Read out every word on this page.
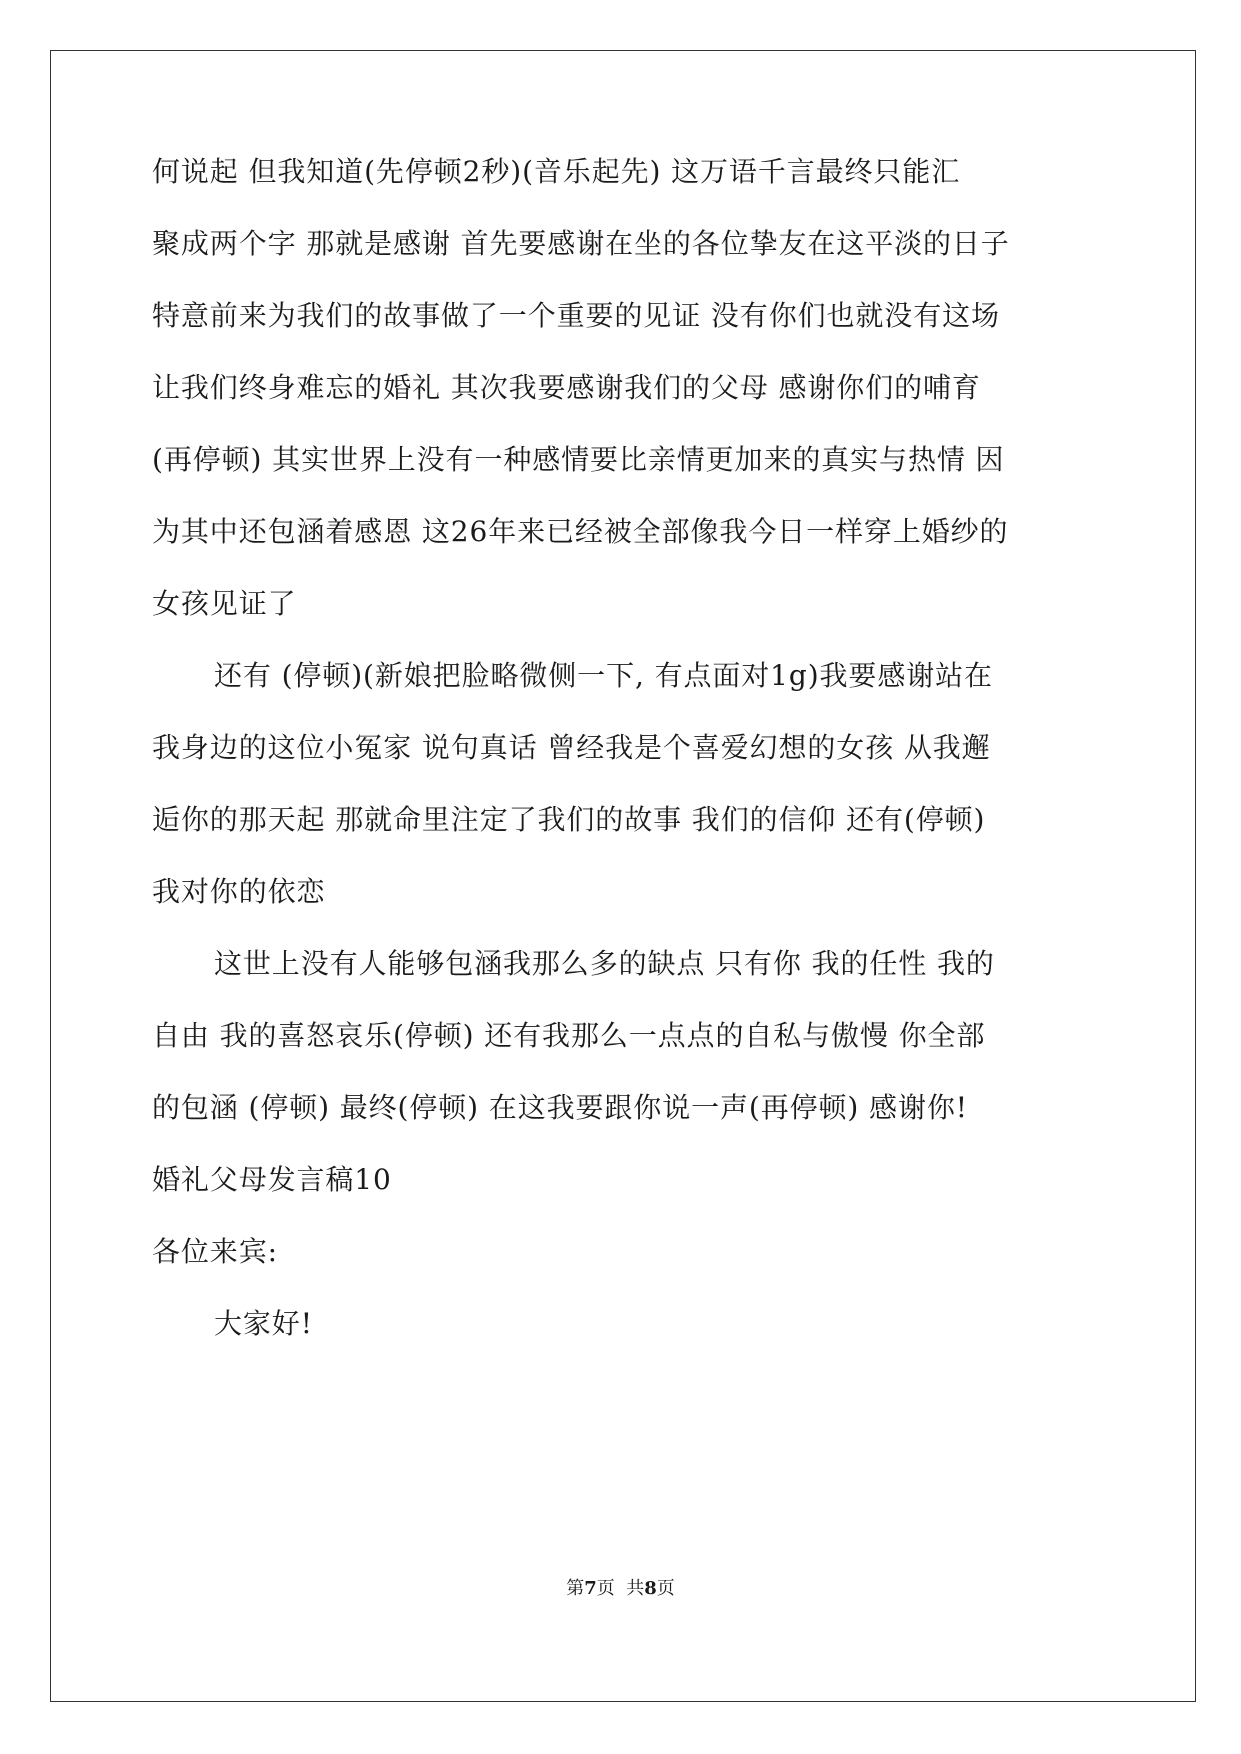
何说起 但我知道(先停顿2秒)(音乐起先) 这万语千言最终只能汇
聚成两个字 那就是感谢 首先要感谢在坐的各位挚友在这平淡的日子
特意前来为我们的故事做了一个重要的见证 没有你们也就没有这场
让我们终身难忘的婚礼 其次我要感谢我们的父母 感谢你们的哺育
(再停顿) 其实世界上没有一种感情要比亲情更加来的真实与热情 因
为其中还包涵着感恩 这26年来已经被全部像我今日一样穿上婚纱的
女孩见证了
还有 (停顿)(新娘把脸略微侧一下, 有点面对1g)我要感谢站在
我身边的这位小冤家 说句真话 曾经我是个喜爱幻想的女孩 从我邂
逅你的那天起 那就命里注定了我们的故事 我们的信仰 还有(停顿)
我对你的依恋
这世上没有人能够包涵我那么多的缺点 只有你 我的任性 我的
自由 我的喜怒哀乐(停顿) 还有我那么一点点的自私与傲慢 你全部
的包涵 (停顿) 最终(停顿) 在这我要跟你说一声(再停顿) 感谢你!
婚礼父母发言稿10
各位来宾:
大家好!
第7页  共8页
